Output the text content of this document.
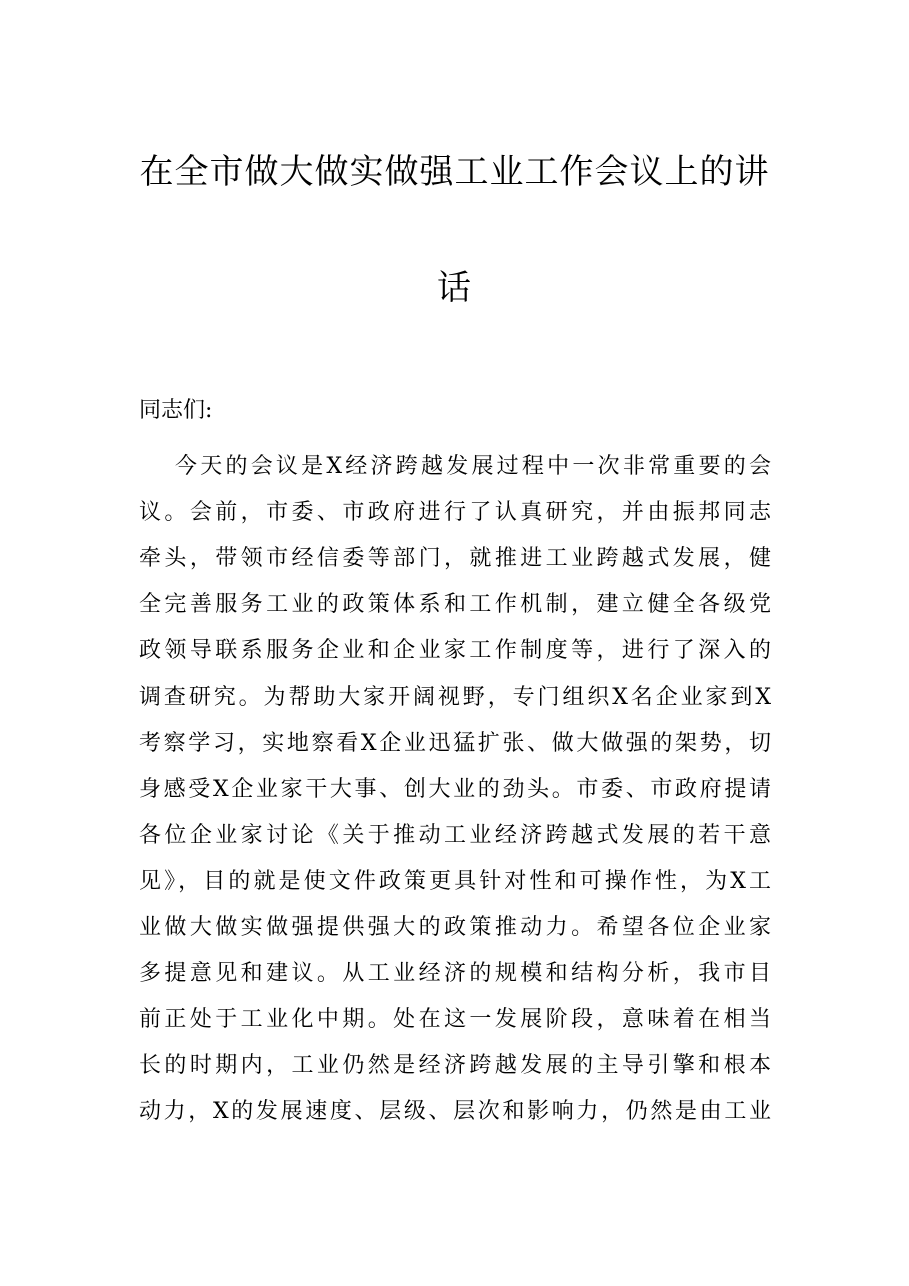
在全市做大做实做强工业工作会议上的讲
话
同志们:
今天的会议是X经济跨越发展过程中一次非常重要的会
议。会前，市委、市政府进行了认真研究，并由振邦同志
牵头，带领市经信委等部门，就推进工业跨越式发展，健
全完善服务工业的政策体系和工作机制，建立健全各级党
政领导联系服务企业和企业家工作制度等，进行了深入的
调查研究。为帮助大家开阔视野，专门组织X名企业家到X
考察学习，实地察看X企业迅猛扩张、做大做强的架势，切
身感受X企业家干大事、创大业的劲头。市委、市政府提请
各位企业家讨论《关于推动工业经济跨越式发展的若干意
见》，目的就是使文件政策更具针对性和可操作性，为X工
业做大做实做强提供强大的政策推动力。希望各位企业家
多提意见和建议。从工业经济的规模和结构分析，我市目
前正处于工业化中期。处在这一发展阶段，意味着在相当
长的时期内，工业仍然是经济跨越发展的主导引擎和根本
动力，X的发展速度、层级、层次和影响力，仍然是由工业
